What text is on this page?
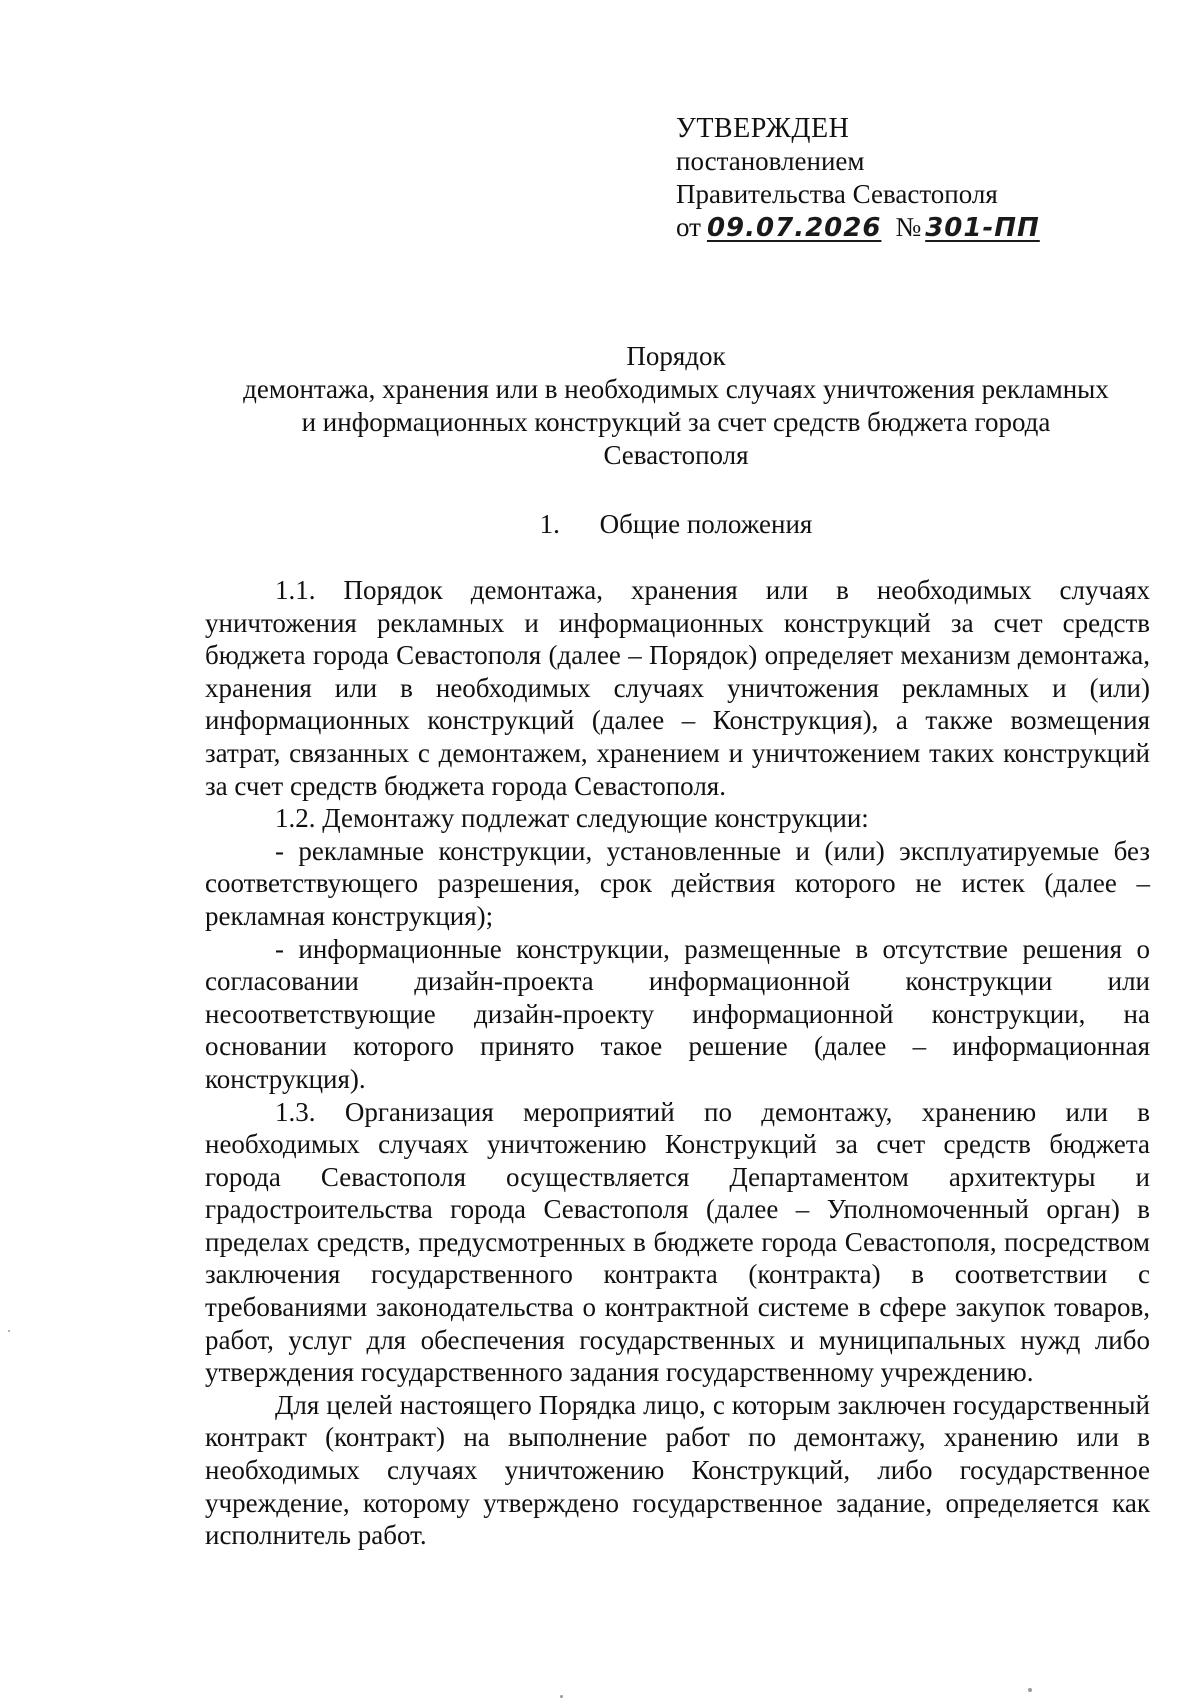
УТВЕРЖДЕН
постановлением
Правительства Севастополя
от 09.07.2026 № 301-ПП
Порядок
демонтажа, хранения или в необходимых случаях уничтожения рекламных
и информационных конструкций за счет средств бюджета города
Севастополя
1. Общие положения

1.1. Порядок демонтажа, хранения или в необходимых случаях уничтожения рекламных и информационных конструкций за счет средств бюджета города Севастополя (далее – Порядок) определяет механизм демонтажа, хранения или в необходимых случаях уничтожения рекламных и (или) информационных конструкций (далее – Конструкция), а также возмещения затрат, связанных с демонтажем, хранением и уничтожением таких конструкций за счет средств бюджета города Севастополя.

1.2. Демонтажу подлежат следующие конструкции:

- рекламные конструкции, установленные и (или) эксплуатируемые без соответствующего разрешения, срок действия которого не истек (далее – рекламная конструкция);

- информационные конструкции, размещенные в отсутствие решения о согласовании дизайн-проекта информационной конструкции или несоответствующие дизайн-проекту информационной конструкции, на основании которого принято такое решение (далее – информационная конструкция).

1.3. Организация мероприятий по демонтажу, хранению или в необходимых случаях уничтожению Конструкций за счет средств бюджета города Севастополя осуществляется Департаментом архитектуры и градостроительства города Севастополя (далее – Уполномоченный орган) в пределах средств, предусмотренных в бюджете города Севастополя, посредством заключения государственного контракта (контракта) в соответствии с требованиями законодательства о контрактной системе в сфере закупок товаров, работ, услуг для обеспечения государственных и муниципальных нужд либо утверждения государственного задания государственному учреждению.

Для целей настоящего Порядка лицо, с которым заключен государственный контракт (контракт) на выполнение работ по демонтажу, хранению или в необходимых случаях уничтожению Конструкций, либо государственное учреждение, которому утверждено государственное задание, определяется как исполнитель работ.
